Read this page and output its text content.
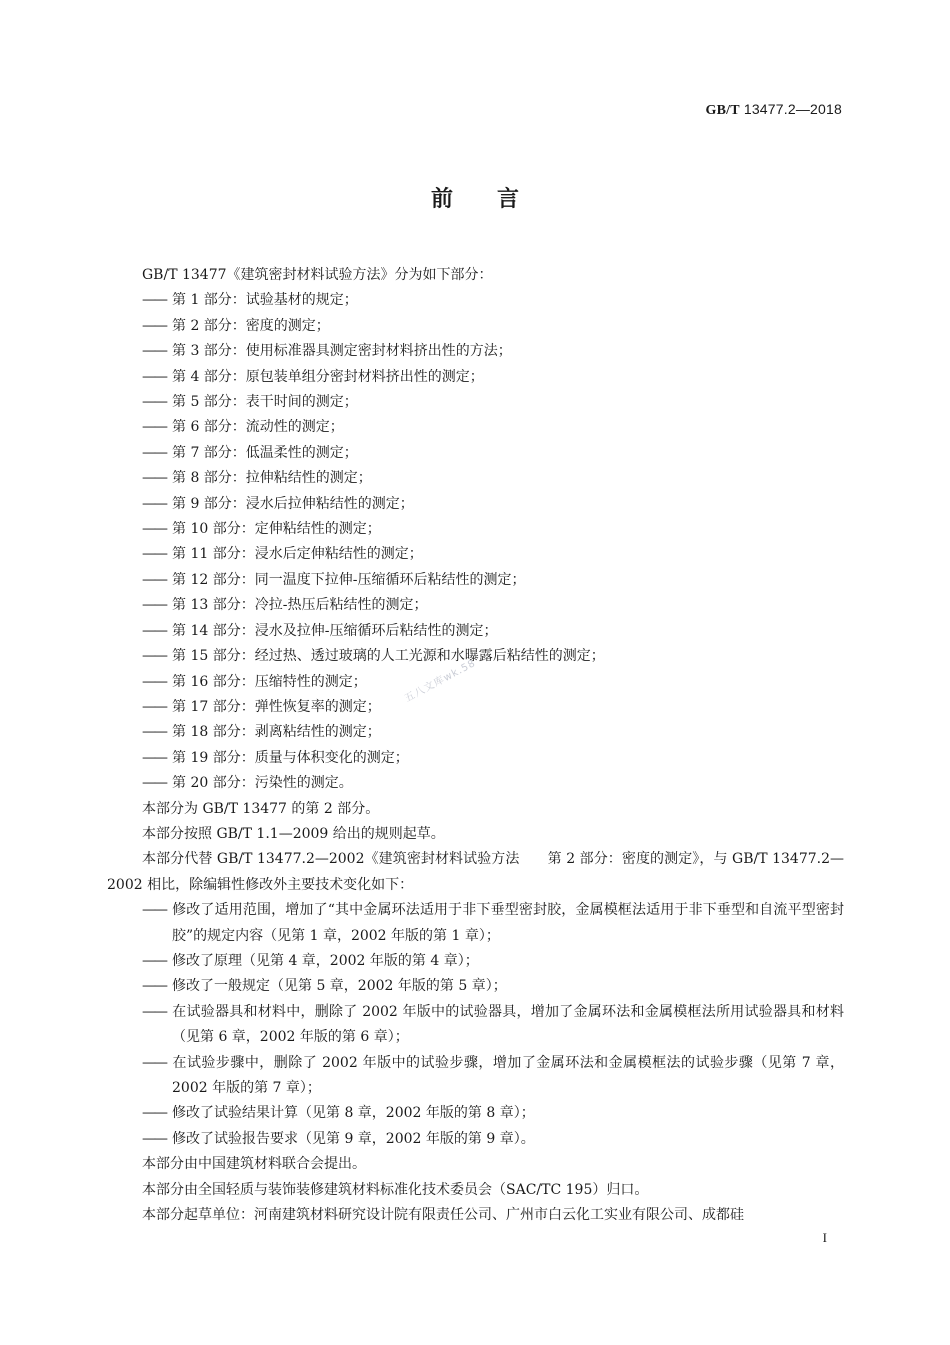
GB/T 13477.2—2018
前　　言

GB/T 13477《建筑密封材料试验方法》分为如下部分：

—— 第 1 部分：试验基材的规定；

—— 第 2 部分：密度的测定；

—— 第 3 部分：使用标准器具测定密封材料挤出性的方法；

—— 第 4 部分：原包装单组分密封材料挤出性的测定；

—— 第 5 部分：表干时间的测定；

—— 第 6 部分：流动性的测定；

—— 第 7 部分：低温柔性的测定；

—— 第 8 部分：拉伸粘结性的测定；

—— 第 9 部分：浸水后拉伸粘结性的测定；

—— 第 10 部分：定伸粘结性的测定；

—— 第 11 部分：浸水后定伸粘结性的测定；

—— 第 12 部分：同一温度下拉伸-压缩循环后粘结性的测定；

—— 第 13 部分：冷拉-热压后粘结性的测定；

—— 第 14 部分：浸水及拉伸-压缩循环后粘结性的测定；

—— 第 15 部分：经过热、透过玻璃的人工光源和水曝露后粘结性的测定；

—— 第 16 部分：压缩特性的测定；

—— 第 17 部分：弹性恢复率的测定；

—— 第 18 部分：剥离粘结性的测定；

—— 第 19 部分：质量与体积变化的测定；

—— 第 20 部分：污染性的测定。

本部分为 GB/T 13477 的第 2 部分。

本部分按照 GB/T 1.1—2009 给出的规则起草。

本部分代替 GB/T 13477.2—2002《建筑密封材料试验方法　　第 2 部分：密度的测定》，与 GB/T 13477.2—2002 相比，除编辑性修改外主要技术变化如下：

—— 修改了适用范围，增加了“其中金属环法适用于非下垂型密封胶，金属模框法适用于非下垂型和自流平型密封胶”的规定内容（见第 1 章，2002 年版的第 1 章）；

—— 修改了原理（见第 4 章，2002 年版的第 4 章）；

—— 修改了一般规定（见第 5 章，2002 年版的第 5 章）；

—— 在试验器具和材料中，删除了 2002 年版中的试验器具，增加了金属环法和金属模框法所用试验器具和材料（见第 6 章，2002 年版的第 6 章）；

—— 在试验步骤中，删除了 2002 年版中的试验步骤，增加了金属环法和金属模框法的试验步骤（见第 7 章，2002 年版的第 7 章）；

—— 修改了试验结果计算（见第 8 章，2002 年版的第 8 章）；

—— 修改了试验报告要求（见第 9 章，2002 年版的第 9 章）。

本部分由中国建筑材料联合会提出。

本部分由全国轻质与装饰装修建筑材料标准化技术委员会（SAC/TC 195）归口。

本部分起草单位：河南建筑材料研究设计院有限责任公司、广州市白云化工实业有限公司、成都硅

五八文库wk.58
I
